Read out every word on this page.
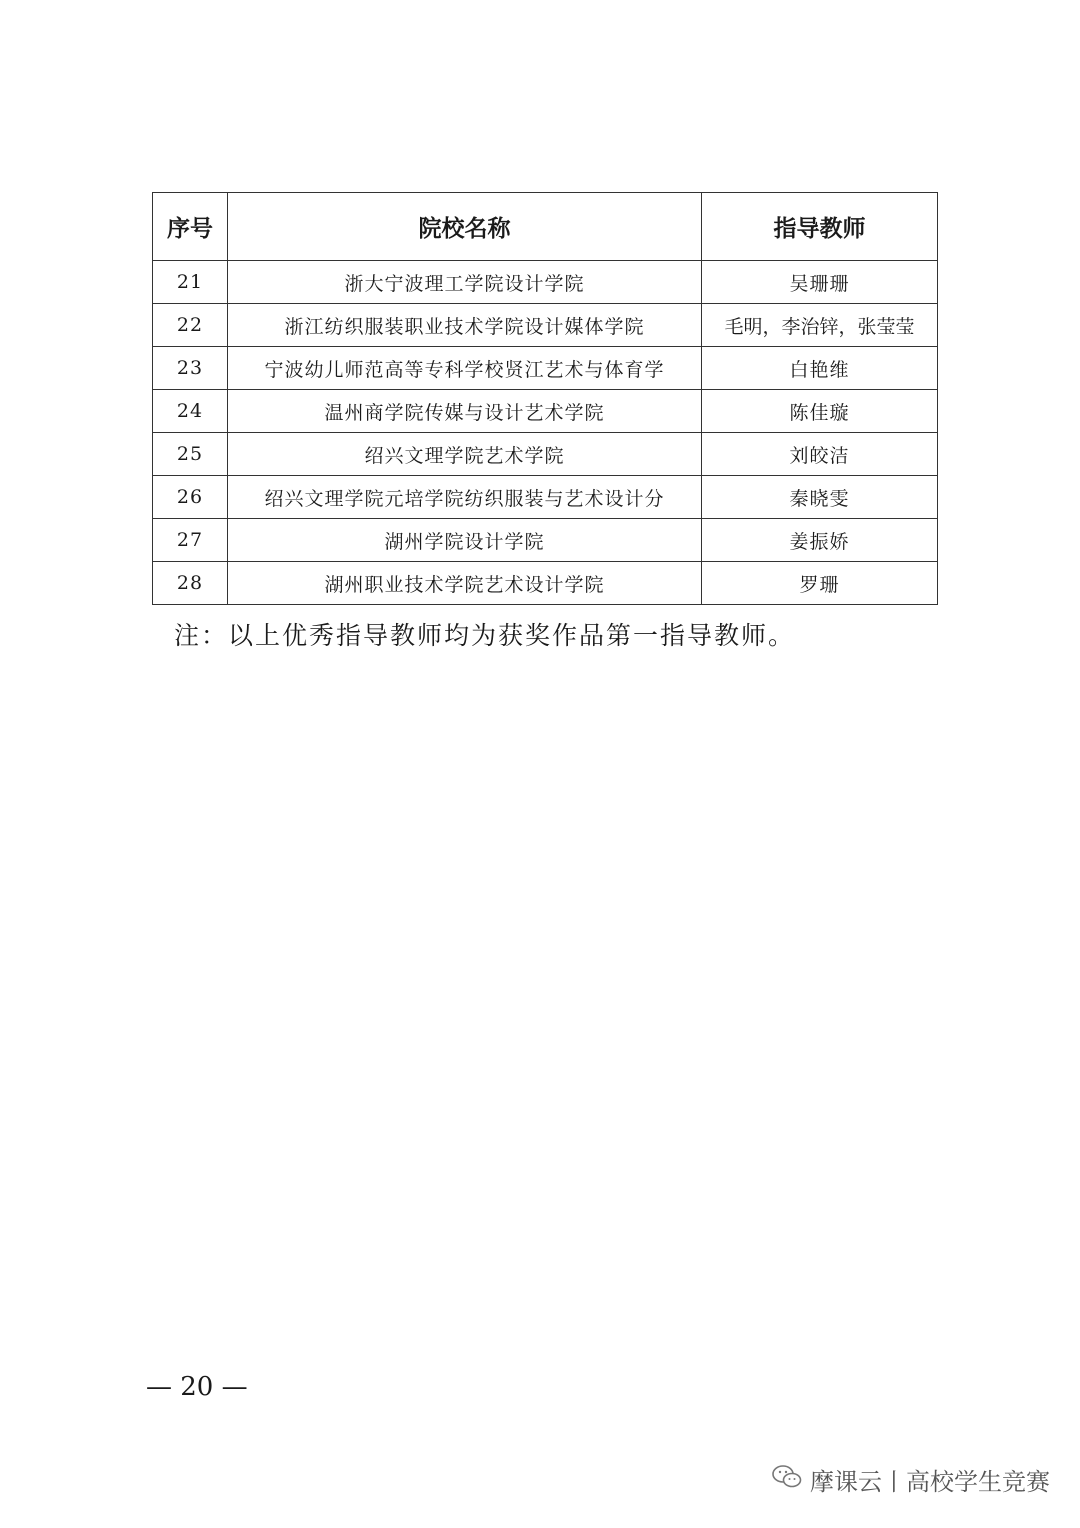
序号	院校名称	指导教师
21	浙大宁波理工学院设计学院	吴珊珊
22	浙江纺织服装职业技术学院设计媒体学院	毛明，李治锌，张莹莹
23	宁波幼儿师范高等专科学校贤江艺术与体育学	白艳维
24	温州商学院传媒与设计艺术学院	陈佳璇
25	绍兴文理学院艺术学院	刘皎洁
26	绍兴文理学院元培学院纺织服装与艺术设计分	秦晓雯
27	湖州学院设计学院	姜振娇
28	湖州职业技术学院艺术设计学院	罗珊
注：以上优秀指导教师均为获奖作品第一指导教师。
— 20 —
摩课云丨高校学生竞赛
